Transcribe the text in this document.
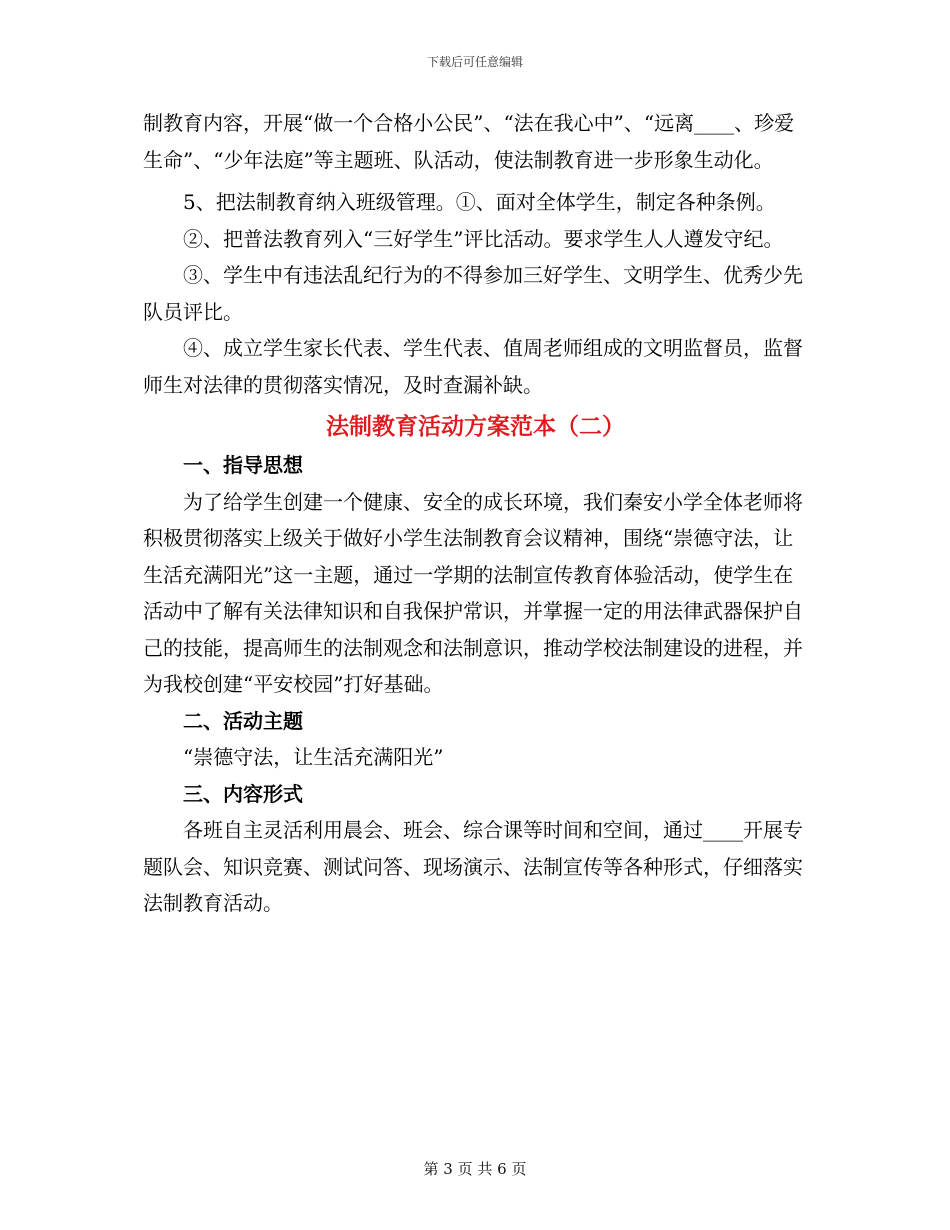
下载后可任意编辑

制教育内容，开展“做一个合格小公民”、“法在我心中”、“远离____、珍爱生命”、“少年法庭”等主题班、队活动，使法制教育进一步形象生动化。

5、把法制教育纳入班级管理。①、面对全体学生，制定各种条例。

②、把普法教育列入“三好学生”评比活动。要求学生人人遵发守纪。

③、学生中有违法乱纪行为的不得参加三好学生、文明学生、优秀少先队员评比。

④、成立学生家长代表、学生代表、值周老师组成的文明监督员，监督师生对法律的贯彻落实情况，及时查漏补缺。

法制教育活动方案范本（二）
一、指导思想

为了给学生创建一个健康、安全的成长环境，我们秦安小学全体老师将积极贯彻落实上级关于做好小学生法制教育会议精神，围绕“崇德守法，让生活充满阳光”这一主题，通过一学期的法制宣传教育体验活动，使学生在活动中了解有关法律知识和自我保护常识，并掌握一定的用法律武器保护自己的技能，提高师生的法制观念和法制意识，推动学校法制建设的进程，并为我校创建“平安校园”打好基础。

二、活动主题

“崇德守法，让生活充满阳光”

三、内容形式

各班自主灵活利用晨会、班会、综合课等时间和空间，通过____开展专题队会、知识竞赛、测试问答、现场演示、法制宣传等各种形式，仔细落实法制教育活动。

第 3 页 共 6 页
